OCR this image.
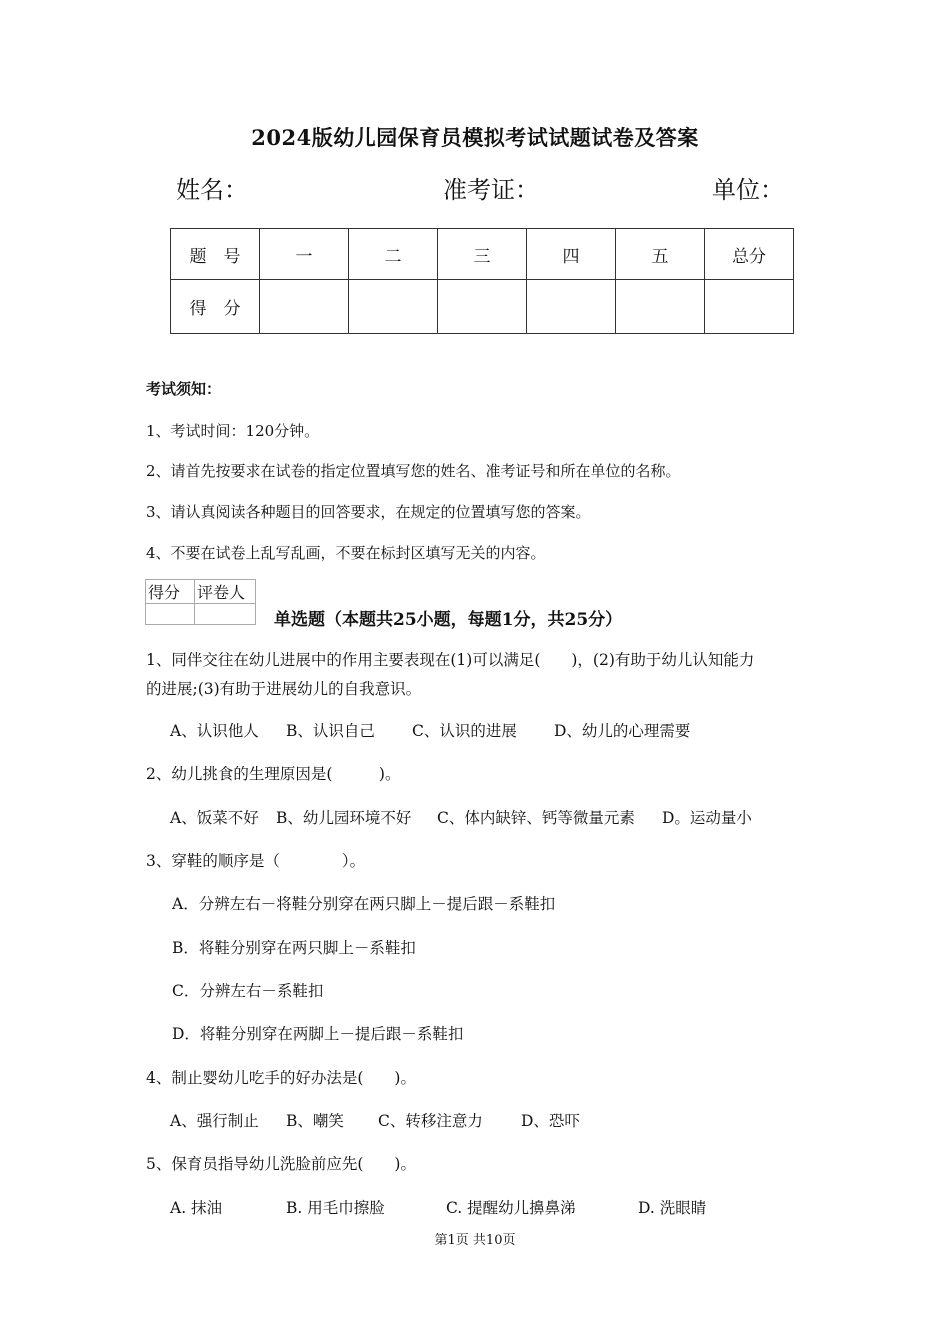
2024版幼儿园保育员模拟考试试题试卷及答案
姓名：	准考证：	单位：
题　号	一	二	三	四	五	总分
得　分						
考试须知：
1、考试时间：120分钟。
2、请首先按要求在试卷的指定位置填写您的姓名、准考证号和所在单位的名称。
3、请认真阅读各种题目的回答要求，在规定的位置填写您的答案。
4、不要在试卷上乱写乱画，不要在标封区填写无关的内容。
得分	评卷人

单选题（本题共25小题，每题1分，共25分）
1、同伴交往在幼儿进展中的作用主要表现在(1)可以满足(　　)，(2)有助于幼儿认知能力
的进展;(3)有助于进展幼儿的自我意识。
A、认识他人 B、认识自己 C、认识的进展 D、幼儿的心理需要
2、幼儿挑食的生理原因是(　　　)。
A、饭菜不好 B、幼儿园环境不好 C、体内缺锌、钙等微量元素 D。运动量小
3、穿鞋的顺序是（　　　　）。
A．分辨左右－将鞋分别穿在两只脚上－提后跟－系鞋扣
B．将鞋分别穿在两只脚上－系鞋扣
C．分辨左右－系鞋扣
D．将鞋分别穿在两脚上－提后跟－系鞋扣
4、制止婴幼儿吃手的好办法是(　　)。
A、强行制止 B、嘲笑 C、转移注意力 D、恐吓
5、保育员指导幼儿洗脸前应先(　　)。
A. 抹油	B. 用毛巾擦脸	C. 提醒幼儿擤鼻涕	D. 洗眼睛
第1页 共10页
